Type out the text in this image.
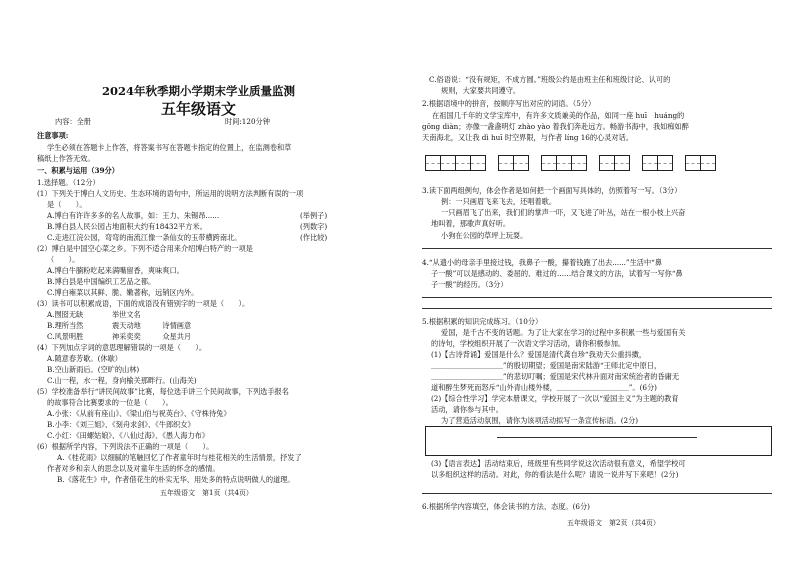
2024年秋季期小学期末学业质量监测
五年级语文
内容：全册	时间:120分钟
注意事项:
学生必须在答题卡上作答，将答案书写在答题卡指定的位置上，在监测卷和草
稿纸上作答无效。
一、积累与运用（39分）
1.选择题。（12分）
(1）下列关于博白人文历史、生态环境的语句中，所运用的说明方法判断有误的一项
是（　　）。
A.博白有许许多多的名人故事，如：王力、朱锡昂......	(举例子)
B.博白县人民公园占地面积大约有18432平方米。	(列数字)
C.走进江浣公园，弯弯的南流江像一条仙女的玉带横跨南北。	(作比较)
(2）博白是中国空心菜之乡。下列不适合用来介绍博白特产的一项是
（　　）。
A.博白牛腩粉吃起来满嘴留香，爽味爽口。
B.博白县是中国编织工艺品之都。
C.博白雍菜以其鲜、脆、嫩著称，远销区内外。
(3）读书可以积累成语，下面的成语没有错别字的一项是（　　）。
A.囫囵无缺　　　　举世文名
B.理所当然　　　　震天动地　　　诗情画意
C.风景明胜　　　　神采奕奕　　　众星共月
(4）下列加点字词的意思理解错误的一项是（　　）。
A.随意春芳歇。(休歇）
B.空山新雨后。(空旷的山林)
C.山一程，水一程，身向榆关那畔行。(山海关)
(5）学校准备举行“讲民间故事”比赛，每位选手讲三个民间故事，下列选手报名
的故事符合比赛要求的一位是（　　）。
A.小张：《从前有座山》、《梁山伯与祝英台》、《守株待兔》
B.小李：《刘三姐》、《刻舟求剑》、《牛郎织女》
C.小红：《田螺姑娘》、《八仙过海》、《愚人海力布》
(6）根据所学内容，下列说法不正确的一项是（　　）。
A.《桂花雨》以细腻的笔触回忆了作者童年时与桂花相关的生活情景，抒发了
作者对乡和亲人的思念以及对童年生活的怀念的感情。
B.《落花生》中，作者借花生的朴实无华、用处多的特点说明做人的道理。
五年级语文　第1页（共4页）
C.俗语说：“没有规矩，不成方圆。”班级公约是由班主任和班级讨论、认可的
规则，大家要共同遵守。
2.根据语境中的拼音，按顺序写出对应的词语。（5分）
在祖国几千年的文学宝库中，有许多文质兼美的作品，如同一座 huī　huáng的
gōng diàn；亦像一盏盏明灯 zhào yào 着我们奔赴远方。畅游书海中，我如痴如醉
天南海北，又让我 dì huī 时空界限，与作者 líng 16的心灵对话。
3.读下面两组例句，体会作者是如何把一个画面写具体的，仿照着写一写。（3分）
例：一只画眉飞来飞去，还唱着歌。
一只画眉飞了出来，我们们的掌声一吓，又飞进了叶丛，站在一根小枝上兴奋
地叫着，那歌声真好听。
小狗在公园的草坪上玩耍。
4.“从遗小的母亲手里接过钱，我鼻子一酸，攥着钱跑了出去......”生活中“鼻
子一酸”可以是感动的、委屈的、难过的……结合课文的方法，试着写一写你“鼻
子一酸”的经历。（3分）
5.根据积累的知识完成练习。（10分）
爱国，是千古不变的话题。为了让大家在学习的过程中多积累一些与爱国有关
的诗句，学校组织开展了一次语文学习活动，请你积极参加。
(1)【古诗背诵】爱国是什么？爱国是清代龚自珍“我劝天公重抖擞，
＿＿＿＿＿＿＿＿＿＿”的殷切期望；爱国是南宋陆游“王师北定中原日，
＿＿＿＿＿＿＿＿＿＿”的悲切叮嘱；爱国是宋代林升面对南宋统治者的昏庸无
道和醉生梦死而怒斥“山外青山楼外楼，＿＿＿＿＿＿＿＿＿＿”。(6分)
(2)【综合性学习】学完本册课文，学校开展了一次以“爱国主义”为主题的教育
活动，请你参与其中。
为了营造活动氛围，请你为该项活动拟写一条宣传标语。(2分)
(3)【语言表达】活动结束后，班级里有些同学说这次活动很有意义，希望学校可
以多组织这样的活动。对此，你的看法是什么呢？请说一说并写下来吧！(2分)
6.根据所学内容填空，体会读书的方法、态度。(6分)
五年级语文　第2页（共4页）
